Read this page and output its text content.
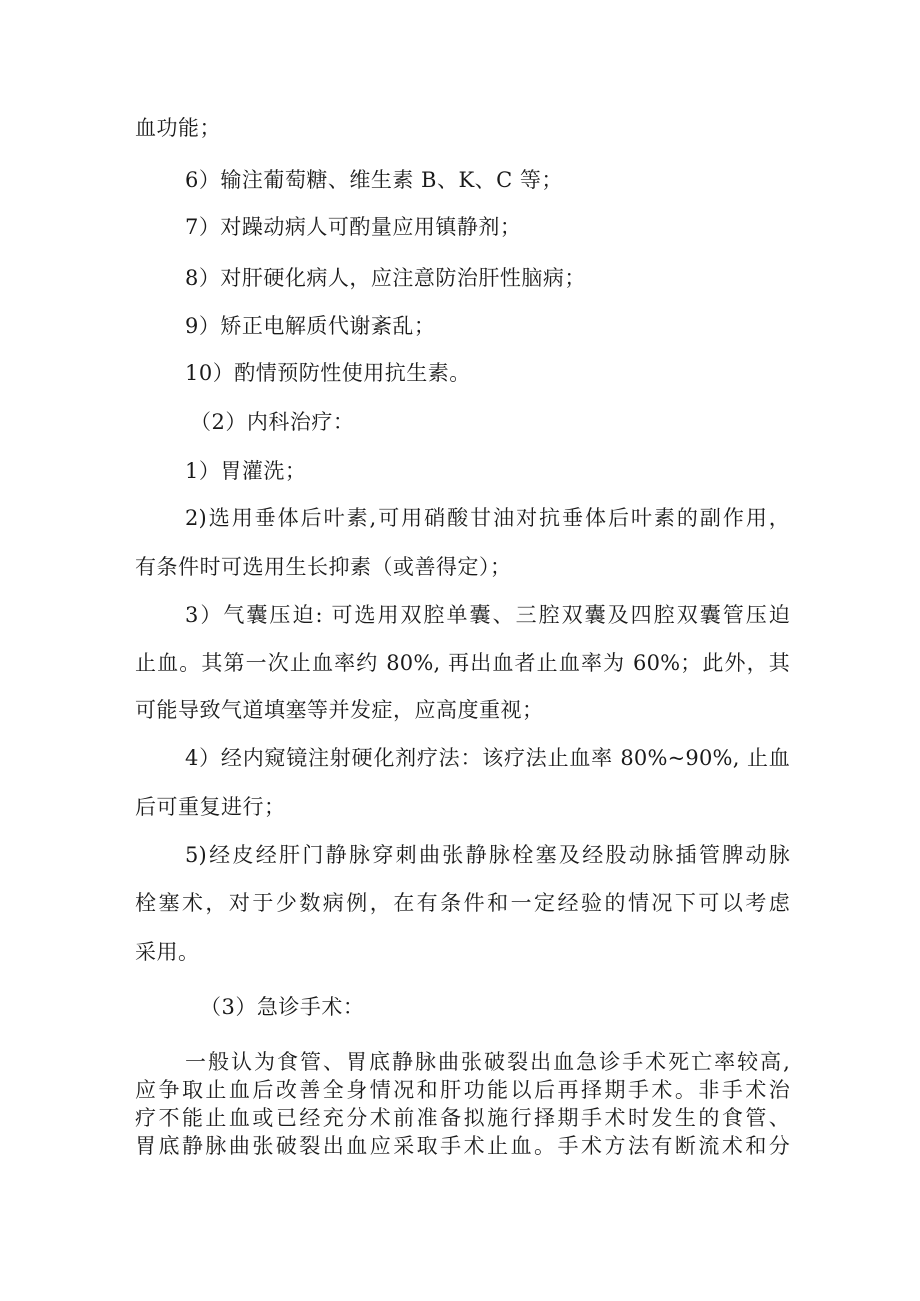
血功能；
6）输注葡萄糖、维生素 B、K、C 等；
7）对躁动病人可酌量应用镇静剂；
8）对肝硬化病人，应注意防治肝性脑病；
9）矫正电解质代谢紊乱；
10）酌情预防性使用抗生素。
（2）内科治疗：
1）胃灌洗；
2)选用垂体后叶素,可用硝酸甘油对抗垂体后叶素的副作用，
有条件时可选用生长抑素（或善得定）；
3）气囊压迫: 可选用双腔单囊、三腔双囊及四腔双囊管压迫
止血。其第一次止血率约 80%, 再出血者止血率为 60%；此外，其
可能导致气道填塞等并发症，应高度重视；
4）经内窥镜注射硬化剂疗法：该疗法止血率 80%~90%, 止血
后可重复进行；
5)经皮经肝门静脉穿刺曲张静脉栓塞及经股动脉插管脾动脉
栓塞术，对于少数病例，在有条件和一定经验的情况下可以考虑
采用。
（3）急诊手术：
一般认为食管、胃底静脉曲张破裂出血急诊手术死亡率较高,
应争取止血后改善全身情况和肝功能以后再择期手术。非手术治
疗不能止血或已经充分术前准备拟施行择期手术时发生的食管、
胃底静脉曲张破裂出血应采取手术止血。手术方法有断流术和分
